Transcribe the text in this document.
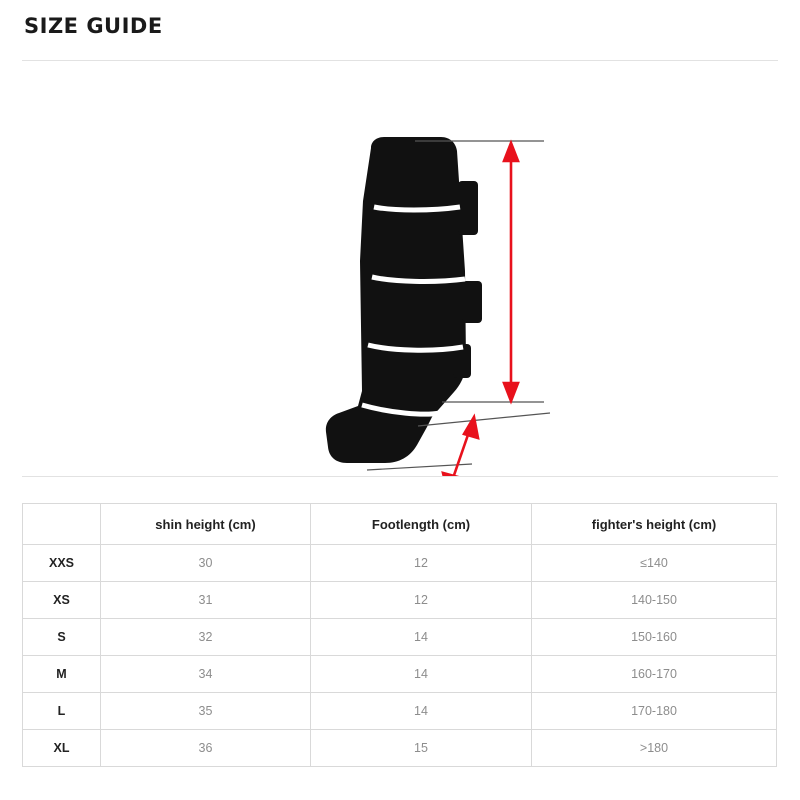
SIZE GUIDE
	shin height (cm)	Footlength (cm)	fighter's height (cm)
XXS	30	12	≤140
XS	31	12	140-150
S	32	14	150-160
M	34	14	160-170
L	35	14	170-180
XL	36	15	>180
